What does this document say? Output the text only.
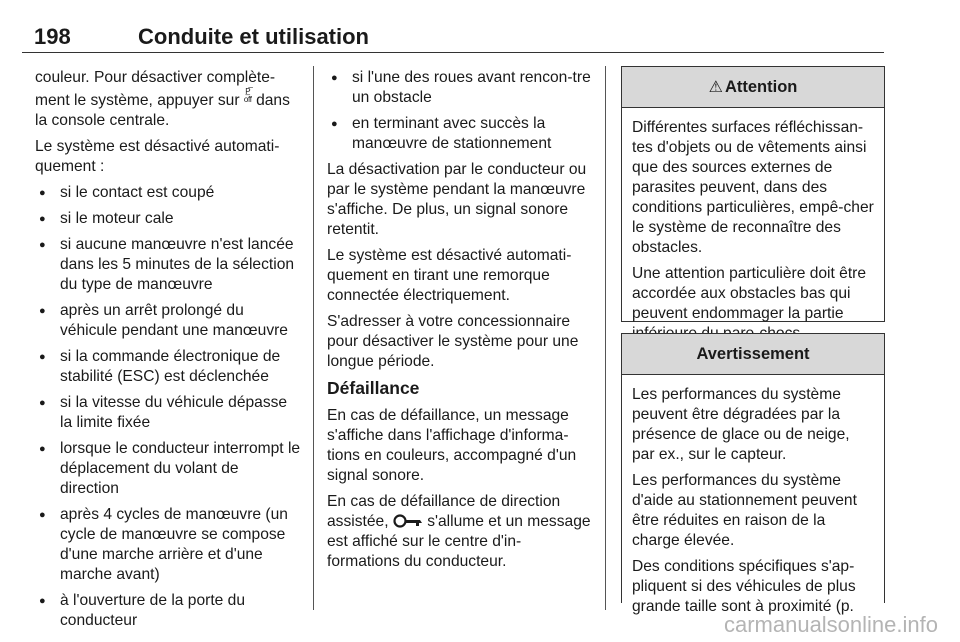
198	Conduite et utilisation

couleur. Pour désactiver complète-ment le système, appuyer sur P̲̅
off dans la console centrale.

Le système est désactivé automati-quement :

● si le contact est coupé
● si le moteur cale
● si aucune manœuvre n'est lancée dans les 5 minutes de la sélection du type de manœuvre
● après un arrêt prolongé du véhicule pendant une manœuvre
● si la commande électronique de stabilité (ESC) est déclenchée
● si la vitesse du véhicule dépasse la limite fixée
● lorsque le conducteur interrompt le déplacement du volant de direction
● après 4 cycles de manœuvre (un cycle de manœuvre se compose d'une marche arrière et d'une marche avant)
● à l'ouverture de la porte du conducteur
● si l'une des roues avant rencon-tre un obstacle
● en terminant avec succès la manœuvre de stationnement

La désactivation par le conducteur ou par le système pendant la manœuvre s'affiche. De plus, un signal sonore retentit.

Le système est désactivé automati-quement en tirant une remorque connectée électriquement.

S'adresser à votre concessionnaire pour désactiver le système pour une longue période.

Défaillance

En cas de défaillance, un message s'affiche dans l'affichage d'informa-tions en couleurs, accompagné d'un signal sonore.

En cas de défaillance de direction assistée,  s'allume et un message est affiché sur le centre d'in-formations du conducteur.

⚠ Attention

Différentes surfaces réfléchissan-tes d'objets ou de vêtements ainsi que des sources externes de parasites peuvent, dans des conditions particulières, empê-cher le système de reconnaître des obstacles.

Une attention particulière doit être accordée aux obstacles bas qui peuvent endommager la partie

Avertissement

Les performances du système peuvent être dégradées par la présence de glace ou de neige, par ex., sur le capteur.

Les performances du système d'aide au stationnement peuvent être réduites en raison de la charge élevée.

Des conditions spécifiques s'ap-pliquent si des véhicules de plus grande taille sont à proximité (p.

carmanualsonline.info
